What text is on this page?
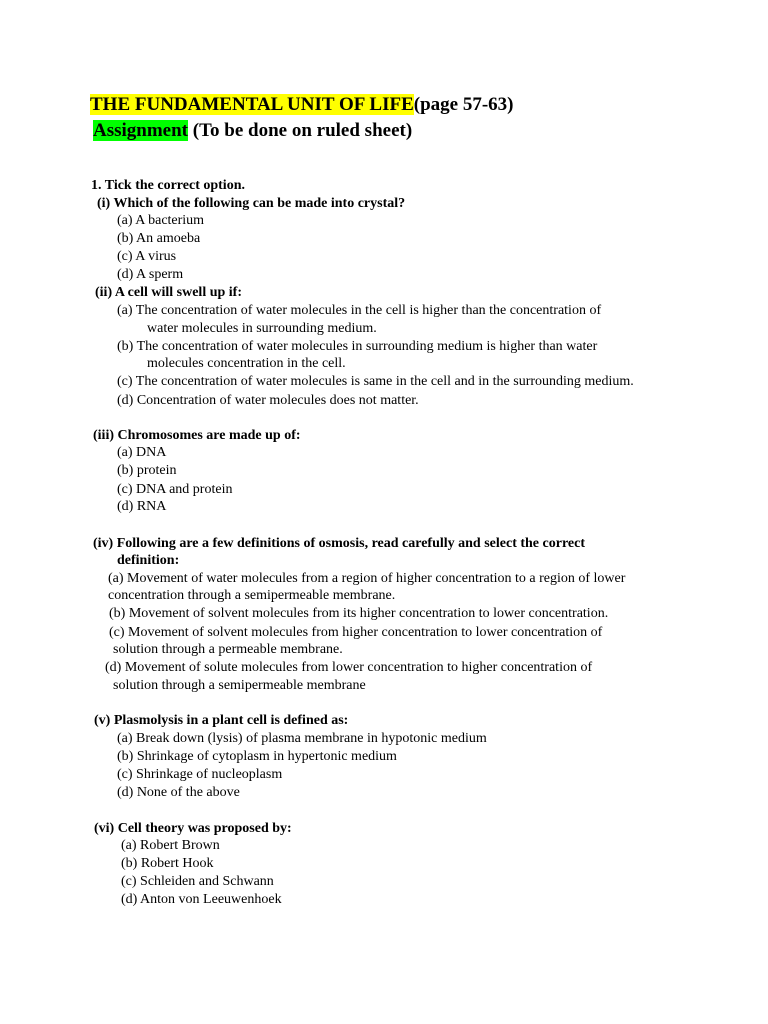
THE FUNDAMENTAL UNIT OF LIFE(page 57-63)
Assignment (To be done on ruled sheet)
1. Tick the correct option.
(i) Which of the following can be made into crystal?
(a) A bacterium
(b) An amoeba
(c) A virus
(d) A sperm
(ii) A cell will swell up if:
(a) The concentration of water molecules in the cell is higher than the concentration of
water molecules in surrounding medium.
(b) The concentration of water molecules in surrounding medium is higher than water
molecules concentration in the cell.
(c) The concentration of water molecules is same in the cell and in the surrounding medium.
(d) Concentration of water molecules does not matter.
(iii) Chromosomes are made up of:
(a) DNA
(b) protein
(c) DNA and protein
(d) RNA
(iv) Following are a few definitions of osmosis, read carefully and select the correct
definition:
(a) Movement of water molecules from a region of higher concentration to a region of lower
concentration through a semipermeable membrane.
(b) Movement of solvent molecules from its higher concentration to lower concentration.
(c) Movement of solvent molecules from higher concentration to lower concentration of
solution through a permeable membrane.
(d) Movement of solute molecules from lower concentration to higher concentration of
solution through a semipermeable membrane
(v) Plasmolysis in a plant cell is defined as:
(a) Break down (lysis) of plasma membrane in hypotonic medium
(b) Shrinkage of cytoplasm in hypertonic medium
(c) Shrinkage of nucleoplasm
(d) None of the above
(vi) Cell theory was proposed by:
(a) Robert Brown
(b) Robert Hook
(c) Schleiden and Schwann
(d) Anton von Leeuwenhoek
